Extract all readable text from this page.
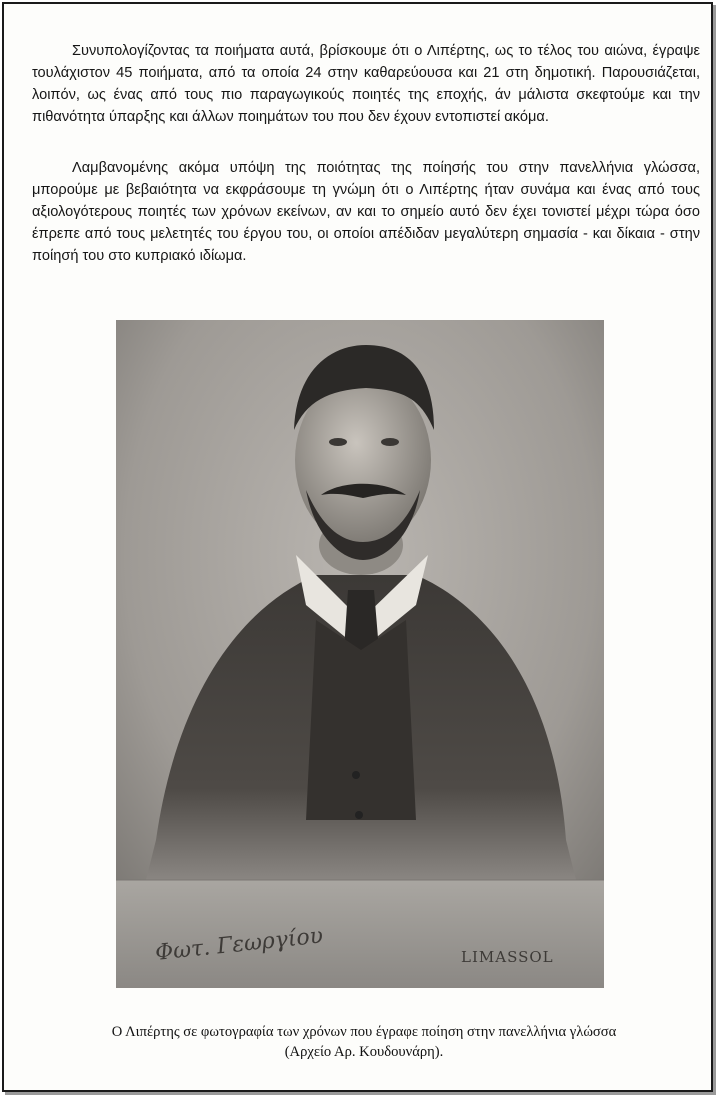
Συνυπολογίζοντας τα ποιήματα αυτά, βρίσκουμε ότι ο Λιπέρτης, ως το τέλος του αιώνα, έγραψε τουλάχιστον 45 ποιήματα, από τα οποία 24 στην καθαρεύουσα και 21 στη δημοτική. Παρουσιάζεται, λοιπόν, ως ένας από τους πιο παραγωγικούς ποιητές της εποχής, άν μάλιστα σκεφτούμε και την πιθανότητα ύπαρξης και άλλων ποιημάτων του που δεν έχουν εντοπιστεί ακόμα.

Λαμβανομένης ακόμα υπόψη της ποιότητας της ποίησής του στην πανελλήνια γλώσσα, μπορούμε με βεβαιότητα να εκφράσουμε τη γνώμη ότι ο Λιπέρτης ήταν συνάμα και ένας από τους αξιολογότερους ποιητές των χρόνων εκείνων, αν και το σημείο αυτό δεν έχει τονιστεί μέχρι τώρα όσο έπρεπε από τους μελετητές του έργου του, οι οποίοι απέδιδαν μεγαλύτερη σημασία - και δίκαια - στην ποίησή του στο κυπριακό ιδίωμα.

Φωτ. Γεωργίου	LIMASSOL
Ο Λιπέρτης σε φωτογραφία των χρόνων που έγραφε ποίηση στην πανελλήνια γλώσσα
(Αρχείο Αρ. Κουδουνάρη).
